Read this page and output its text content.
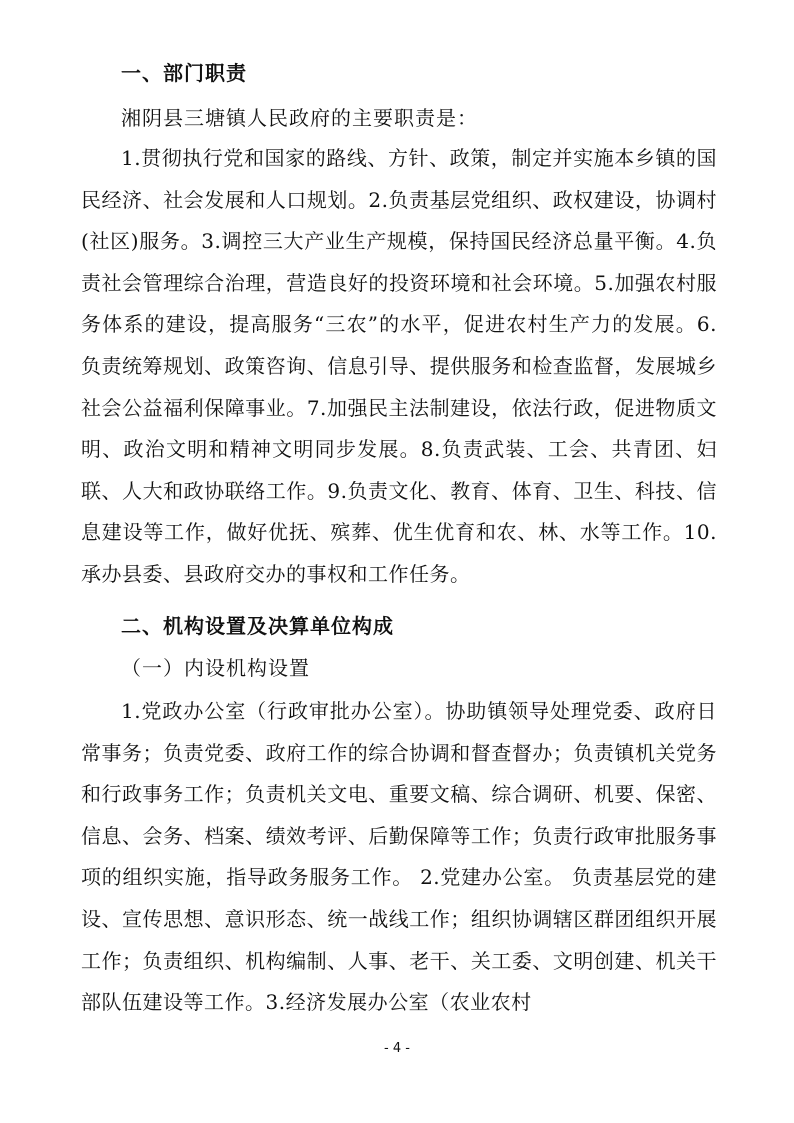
一、部门职责
湘阴县三塘镇人民政府的主要职责是：
1.贯彻执行党和国家的路线、方针、政策，制定并实施本乡镇的国民经济、社会发展和人口规划。2.负责基层党组织、政权建设，协调村(社区)服务。3.调控三大产业生产规模，保持国民经济总量平衡。4.负责社会管理综合治理，营造良好的投资环境和社会环境。5.加强农村服务体系的建设，提高服务“三农”的水平，促进农村生产力的发展。6.负责统筹规划、政策咨询、信息引导、提供服务和检查监督，发展城乡社会公益福利保障事业。7.加强民主法制建设，依法行政，促进物质文明、政治文明和精神文明同步发展。8.负责武装、工会、共青团、妇联、人大和政协联络工作。9.负责文化、教育、体育、卫生、科技、信息建设等工作，做好优抚、殡葬、优生优育和农、林、水等工作。10.承办县委、县政府交办的事权和工作任务。
二、机构设置及决算单位构成
（一）内设机构设置
1.党政办公室（行政审批办公室）。协助镇领导处理党委、政府日常事务；负责党委、政府工作的综合协调和督查督办；负责镇机关党务和行政事务工作；负责机关文电、重要文稿、综合调研、机要、保密、信息、会务、档案、绩效考评、后勤保障等工作；负责行政审批服务事项的组织实施，指导政务服务工作。 2.党建办公室。 负责基层党的建设、宣传思想、意识形态、统一战线工作；组织协调辖区群团组织开展工作；负责组织、机构编制、人事、老干、关工委、文明创建、机关干部队伍建设等工作。3.经济发展办公室（农业农村
- 4 -
